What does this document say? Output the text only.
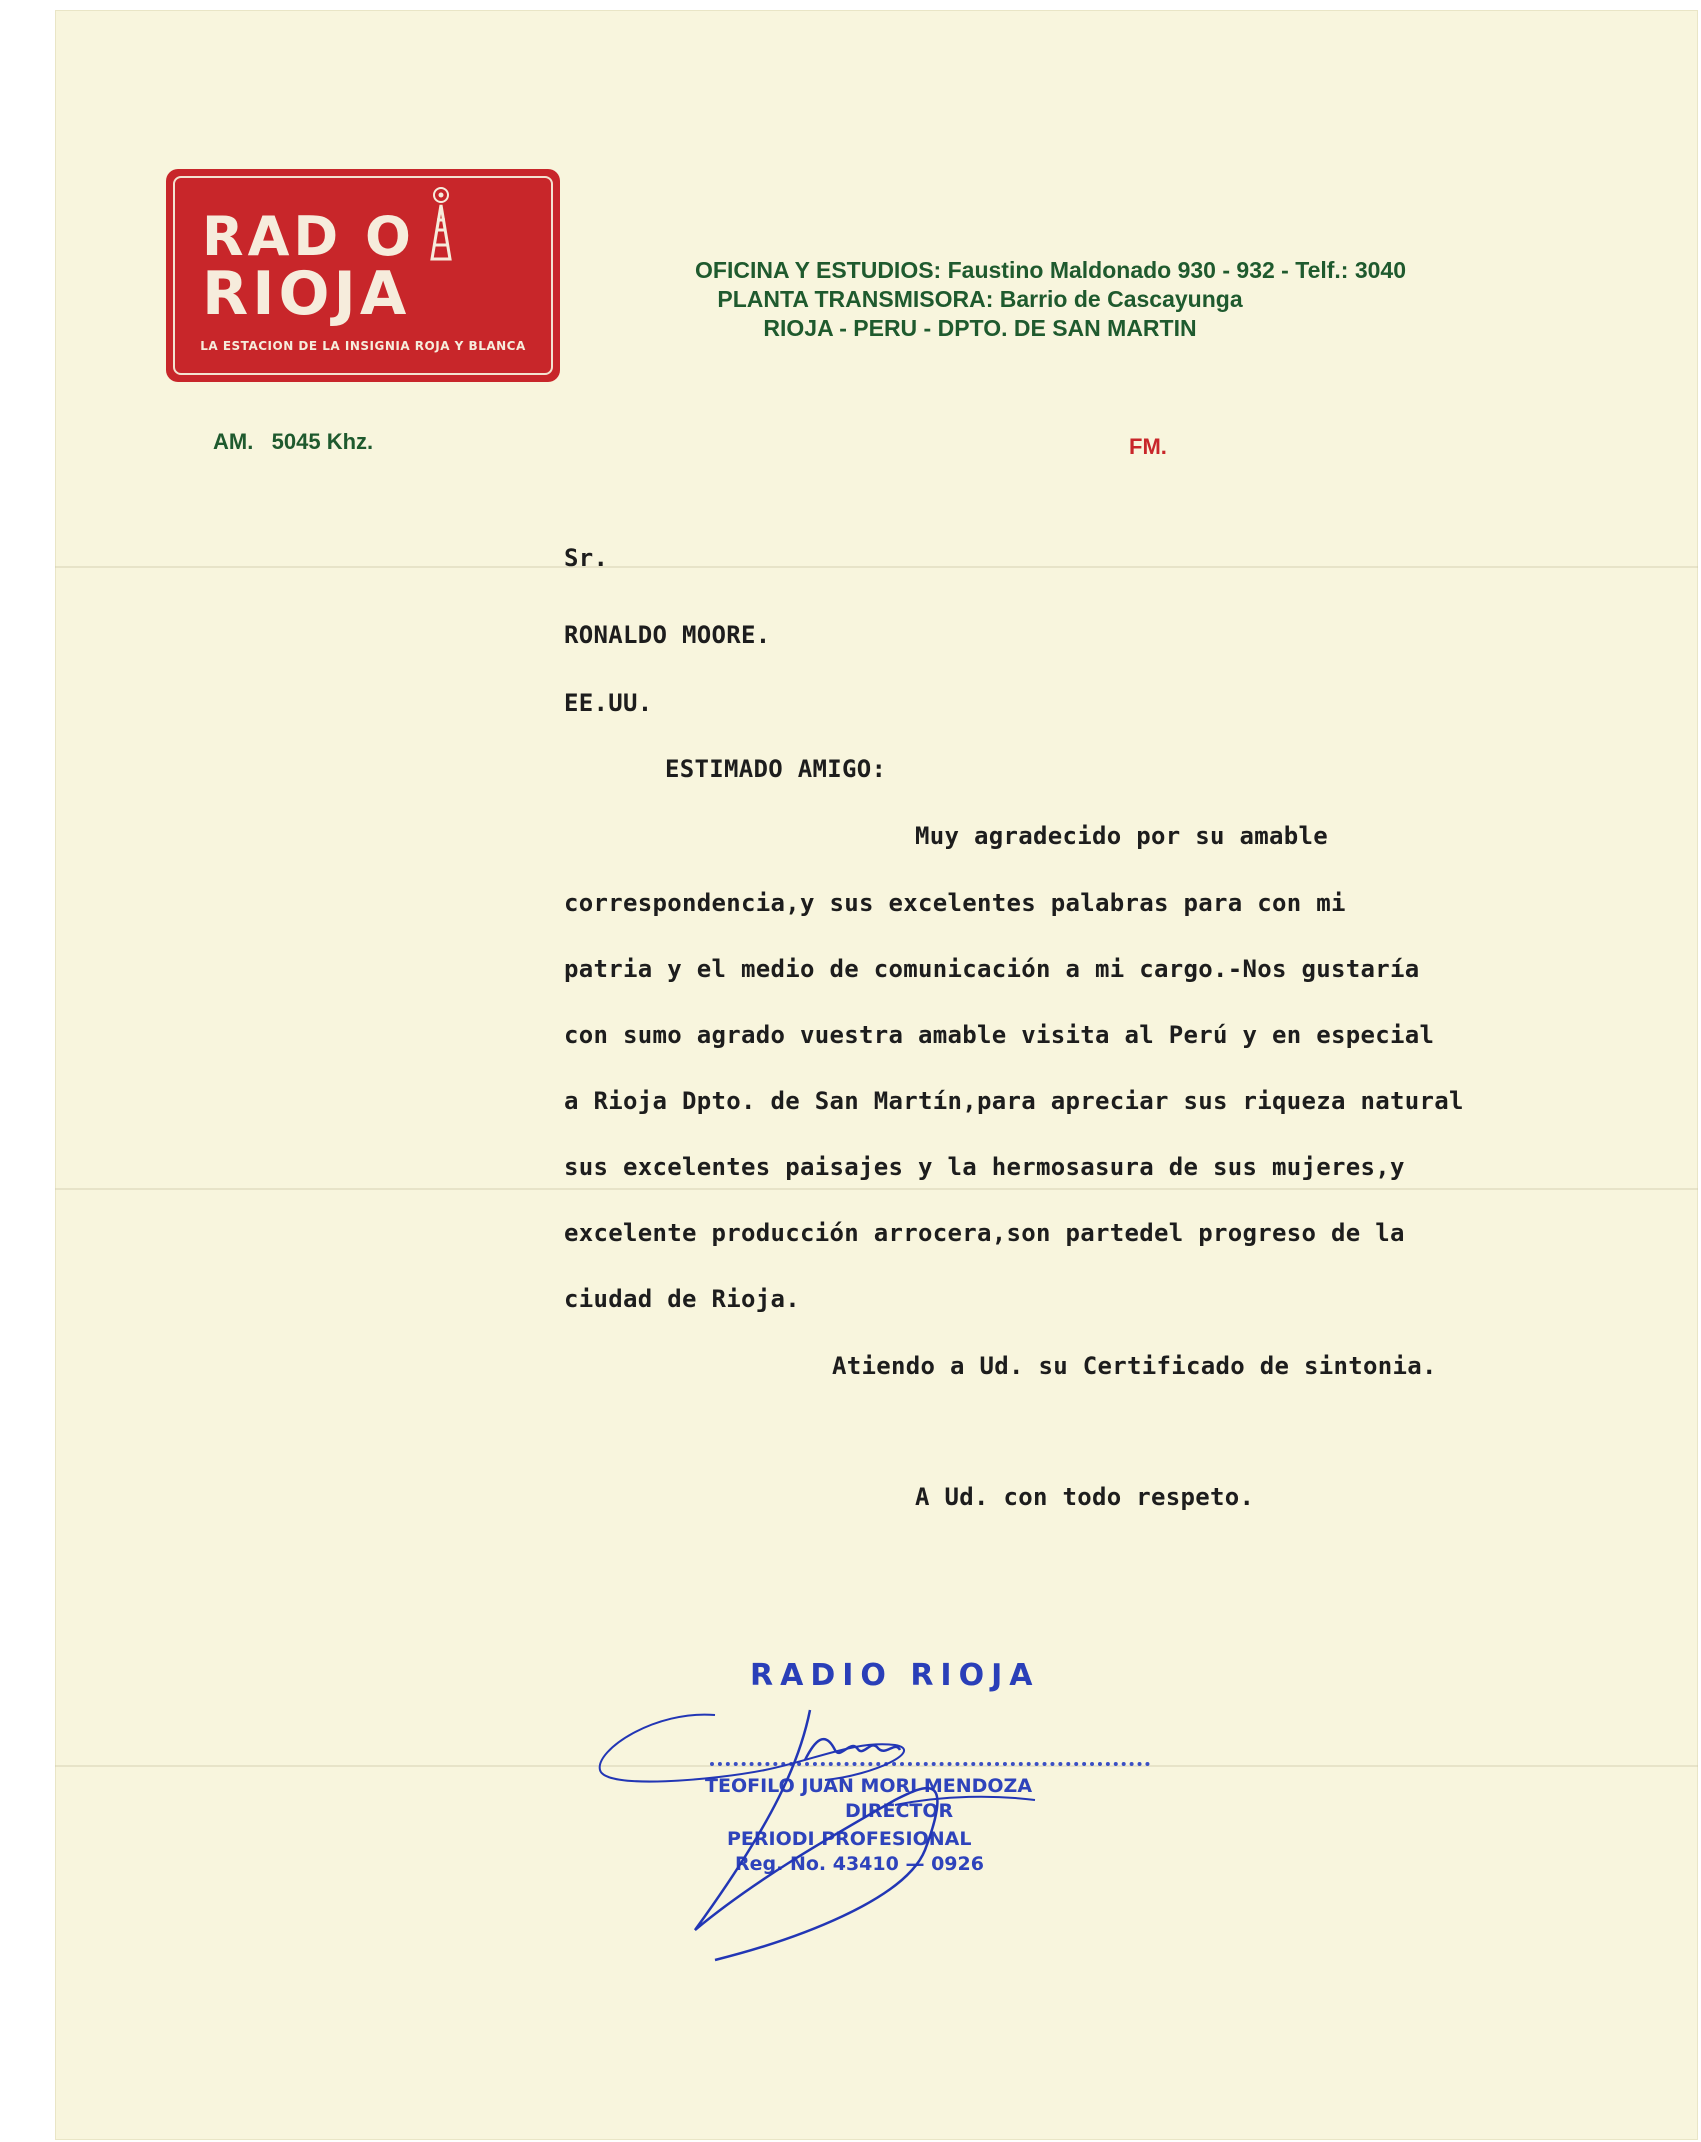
RAD O
RIOJA
LA ESTACION DE LA INSIGNIA ROJA Y BLANCA
OFICINA Y ESTUDIOS: Faustino Maldonado 930 - 932 - Telf.: 3040
PLANTA TRANSMISORA: Barrio de Cascayunga
RIOJA - PERU - DPTO. DE SAN MARTIN
AM.   5045 Khz.	FM.
Sr.
RONALDO MOORE.
EE.UU.
ESTIMADO AMIGO:
Muy agradecido por su amable
correspondencia,y sus excelentes palabras para con mi
patria y el medio de comunicación a mi cargo.-Nos gustaría
con sumo agrado vuestra amable visita al Perú y en especial
a Rioja Dpto. de San Martín,para apreciar sus riqueza natural
sus excelentes paisajes y la hermosasura de sus mujeres,y
excelente producción arrocera,son partedel progreso de la
ciudad de Rioja.
Atiendo a Ud. su Certificado de sintonia.
A Ud. con todo respeto.
RADIO RIOJA
TEOFILO JUAN MORI MENDOZA
DIRECTOR
PERIODI PROFESIONAL
Reg. No. 43410 — 0926
